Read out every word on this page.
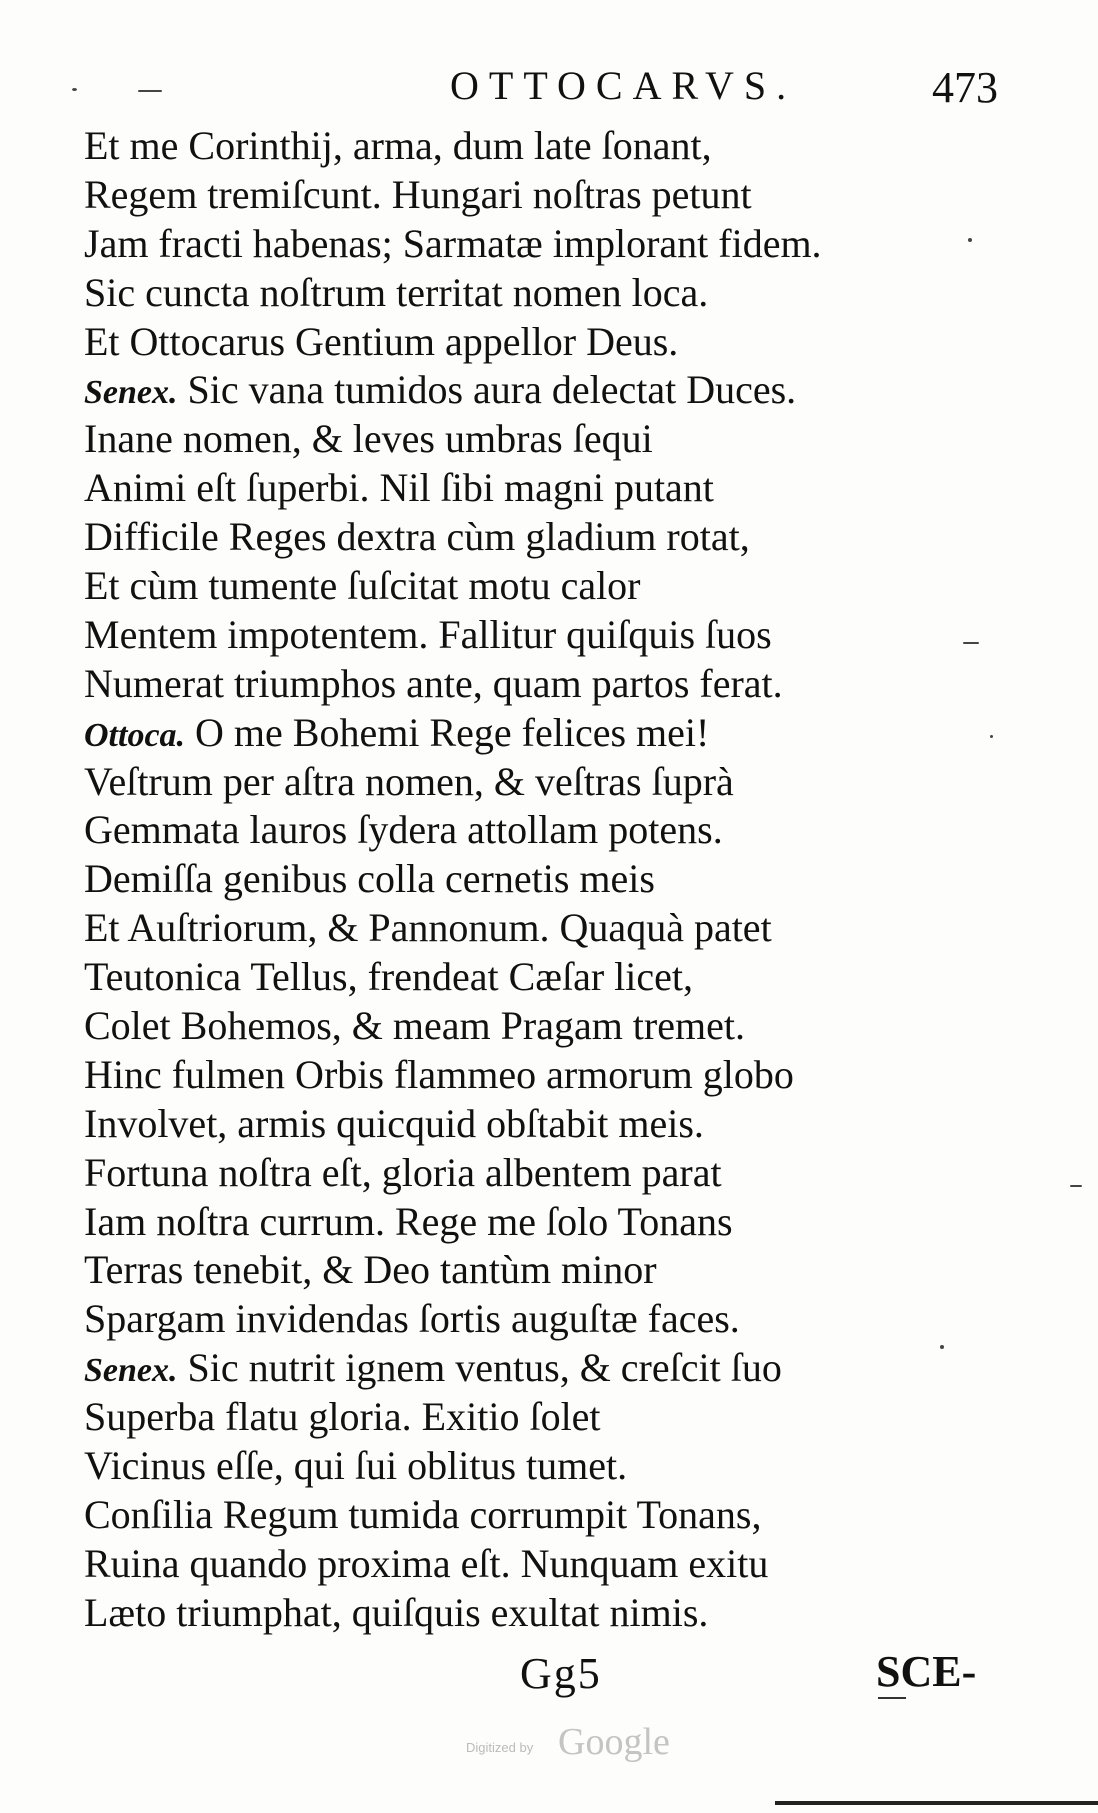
OTTOCARVS.	473
Et me Corinthij, arma, dum late ſonant,
Regem tremiſcunt. Hungari noſtras petunt
Jam fracti habenas; Sarmatæ implorant fidem.
Sic cuncta noſtrum territat nomen loca.
Et Ottocarus Gentium appellor Deus.
Senex. Sic vana tumidos aura delectat Duces.
Inane nomen, & leves umbras ſequi
Animi eſt ſuperbi. Nil ſibi magni putant
Difficile Reges dextra cùm gladium rotat,
Et cùm tumente ſuſcitat motu calor
Mentem impotentem. Fallitur quiſquis ſuos
Numerat triumphos ante, quam partos ferat.
Ottoca. O me Bohemi Rege felices mei!
Veſtrum per aſtra nomen, & veſtras ſuprà
Gemmata lauros ſydera attollam potens.
Demiſſa genibus colla cernetis meis
Et Auſtriorum, & Pannonum. Quaquà patet
Teutonica Tellus, frendeat Cæſar licet,
Colet Bohemos, & meam Pragam tremet.
Hinc fulmen Orbis flammeo armorum globo
Involvet, armis quicquid obſtabit meis.
Fortuna noſtra eſt, gloria albentem parat
Iam noſtra currum. Rege me ſolo Tonans
Terras tenebit, & Deo tantùm minor
Spargam invidendas ſortis auguſtæ faces.
Senex. Sic nutrit ignem ventus, & creſcit ſuo
Superba flatu gloria. Exitio ſolet
Vicinus eſſe, qui ſui oblitus tumet.
Conſilia Regum tumida corrumpit Tonans,
Ruina quando proxima eſt. Nunquam exitu
Læto triumphat, quiſquis exultat nimis.
Gg5	SCE-
Digitized by Google
